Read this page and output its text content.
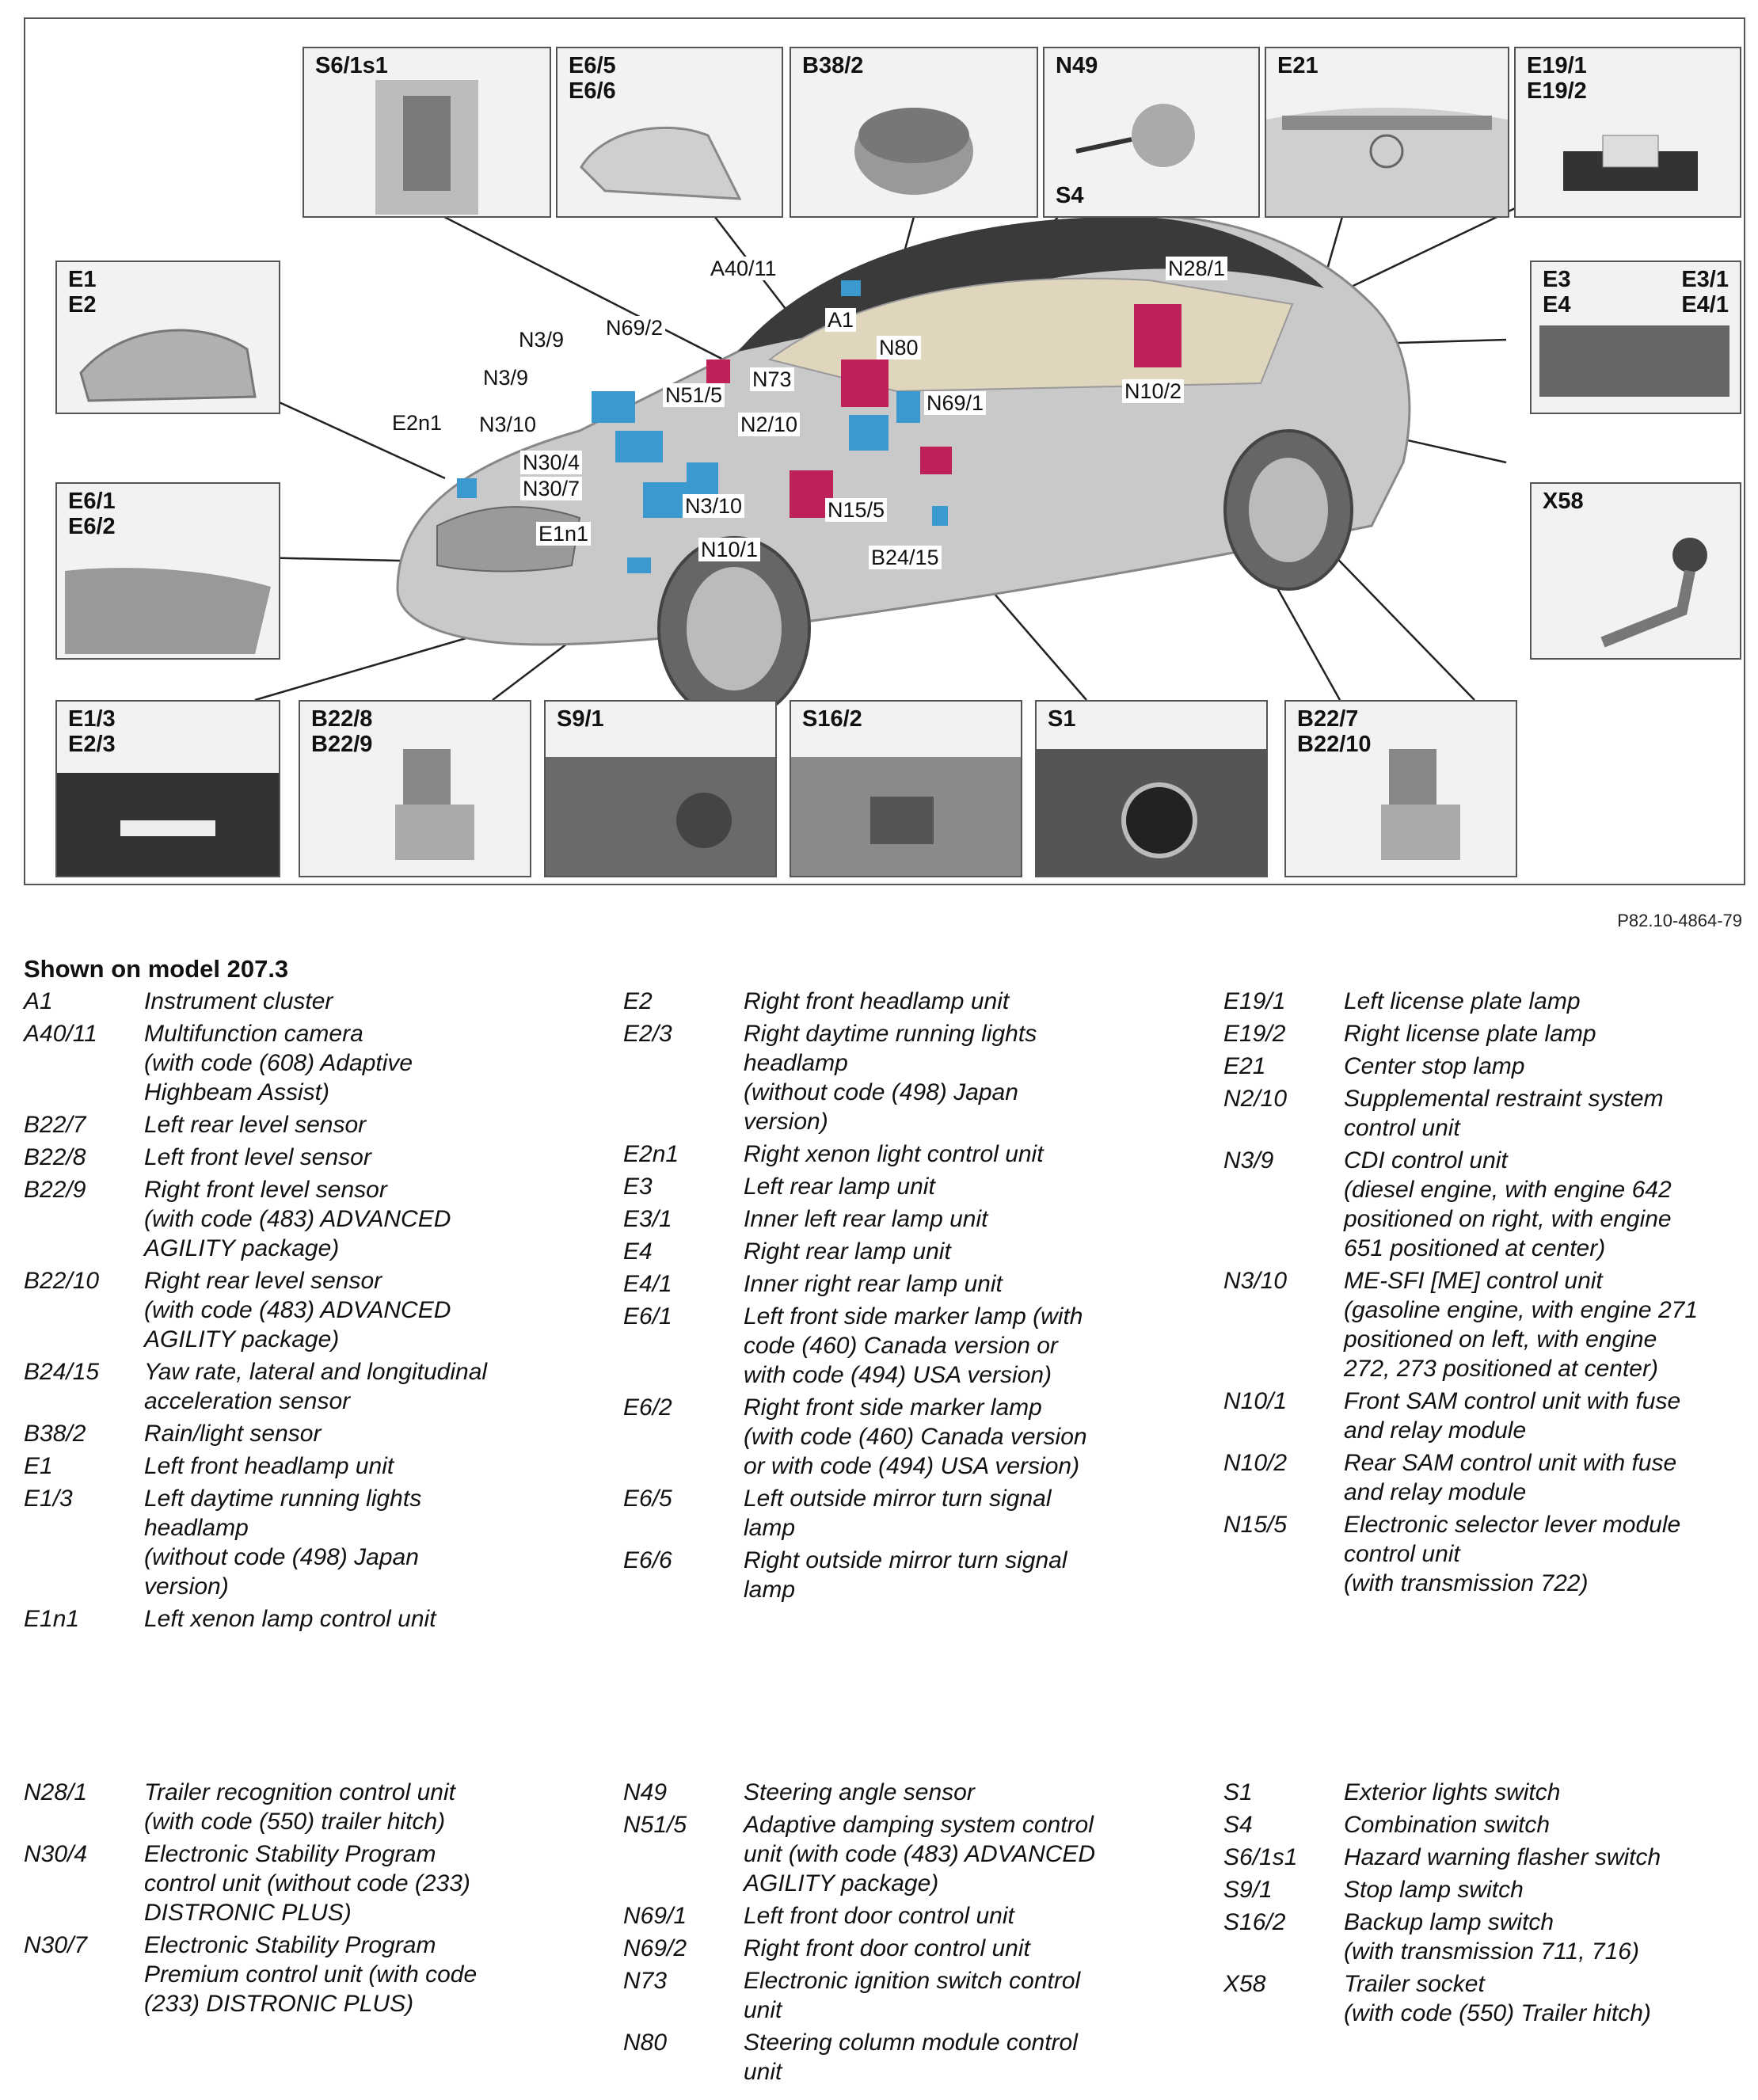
S6/1s1	E6/5
E6/6
B38/2	N49
S4
E21	E19/1
E19/2
E1
E2
E3
E4
E3/1
E4/1
X58
E6/1
E6/2
E1/3
E2/3
B22/8
B22/9
S9/1	S16/2	S1	B22/7
B22/10
A40/11	N28/1
A1
N69/2
N3/9	N80
N3/9	N73
N51/5	N69/1	N10/2
N3/10	N2/10
E2n1
N30/4
N30/7
N3/10	N15/5
E1n1
N10/1	B24/15
P82.10-4864-79
Shown on model 207.3
A1	Instrument cluster
A40/11	Multifunction camera
(with code (608) Adaptive
Highbeam Assist)
B22/7	Left rear level sensor
B22/8	Left front level sensor
B22/9	Right front level sensor
(with code (483) ADVANCED
AGILITY package)
B22/10	Right rear level sensor
(with code (483) ADVANCED
AGILITY package)
B24/15	Yaw rate, lateral and longitudinal
acceleration sensor
B38/2	Rain/light sensor
E1	Left front headlamp unit
E1/3	Left daytime running lights
headlamp
(without code (498) Japan
version)
E1n1	Left xenon lamp control unit
E2	Right front headlamp unit
E2/3	Right daytime running lights
headlamp
(without code (498) Japan
version)
E2n1	Right xenon light control unit
E3	Left rear lamp unit
E3/1	Inner left rear lamp unit
E4	Right rear lamp unit
E4/1	Inner right rear lamp unit
E6/1	Left front side marker lamp (with
code (460) Canada version or
with code (494) USA version)
E6/2	Right front side marker lamp
(with code (460) Canada version
or with code (494) USA version)
E6/5	Left outside mirror turn signal
lamp
E6/6	Right outside mirror turn signal
lamp
E19/1	Left license plate lamp
E19/2	Right license plate lamp
E21	Center stop lamp
N2/10	Supplemental restraint system
control unit
N3/9	CDI control unit
(diesel engine, with engine 642
positioned on right, with engine
651 positioned at center)
N3/10	ME-SFI [ME] control unit
(gasoline engine, with engine 271
positioned on left, with engine
272, 273 positioned at center)
N10/1	Front SAM control unit with fuse
and relay module
N10/2	Rear SAM control unit with fuse
and relay module
N15/5	Electronic selector lever module
control unit
(with transmission 722)
N28/1	Trailer recognition control unit
(with code (550) trailer hitch)
N30/4	Electronic Stability Program
control unit (without code (233)
DISTRONIC PLUS)
N30/7	Electronic Stability Program
Premium control unit (with code
(233) DISTRONIC PLUS)
N49	Steering angle sensor
N51/5	Adaptive damping system control
unit (with code (483) ADVANCED
AGILITY package)
N69/1	Left front door control unit
N69/2	Right front door control unit
N73	Electronic ignition switch control
unit
N80	Steering column module control
unit
S1	Exterior lights switch
S4	Combination switch
S6/1s1	Hazard warning flasher switch
S9/1	Stop lamp switch
S16/2	Backup lamp switch
(with transmission 711, 716)
X58	Trailer socket
(with code (550) Trailer hitch)
